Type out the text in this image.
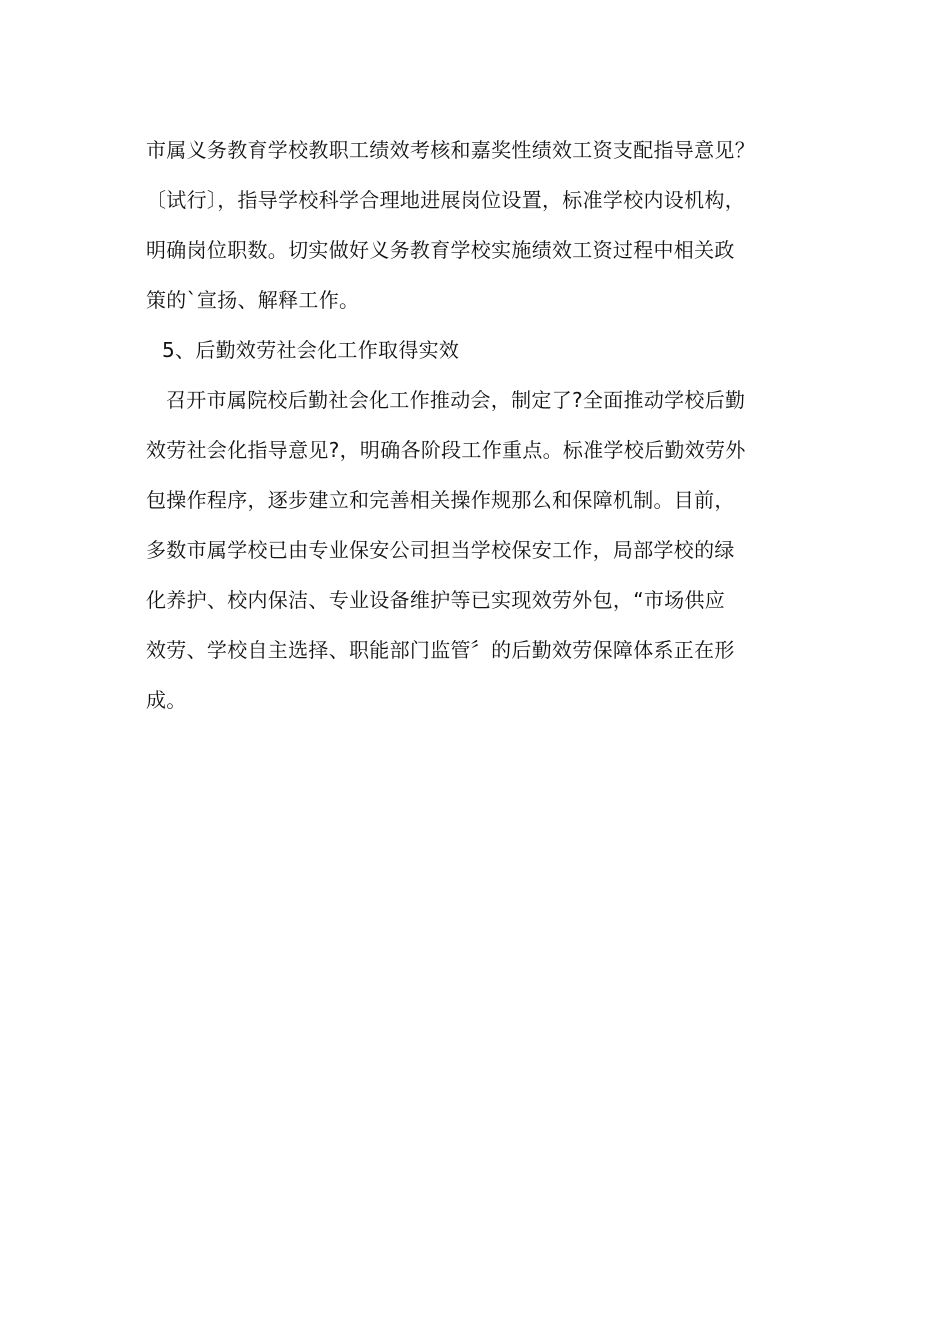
市属义务教育学校教职工绩效考核和嘉奖性绩效工资支配指导意见？
〔试行〕，指导学校科学合理地进展岗位设置，标准学校内设机构，
明确岗位职数。切实做好义务教育学校实施绩效工资过程中相关政
策的`宣扬、解释工作。
5、后勤效劳社会化工作取得实效
召开市属院校后勤社会化工作推动会，制定了?全面推动学校后勤
效劳社会化指导意见?，明确各阶段工作重点。标准学校后勤效劳外
包操作程序，逐步建立和完善相关操作规那么和保障机制。目前，
多数市属学校已由专业保安公司担当学校保安工作，局部学校的绿
化养护、校内保洁、专业设备维护等已实现效劳外包，“市场供应
效劳、学校自主选择、职能部门监管〞的后勤效劳保障体系正在形
成。
